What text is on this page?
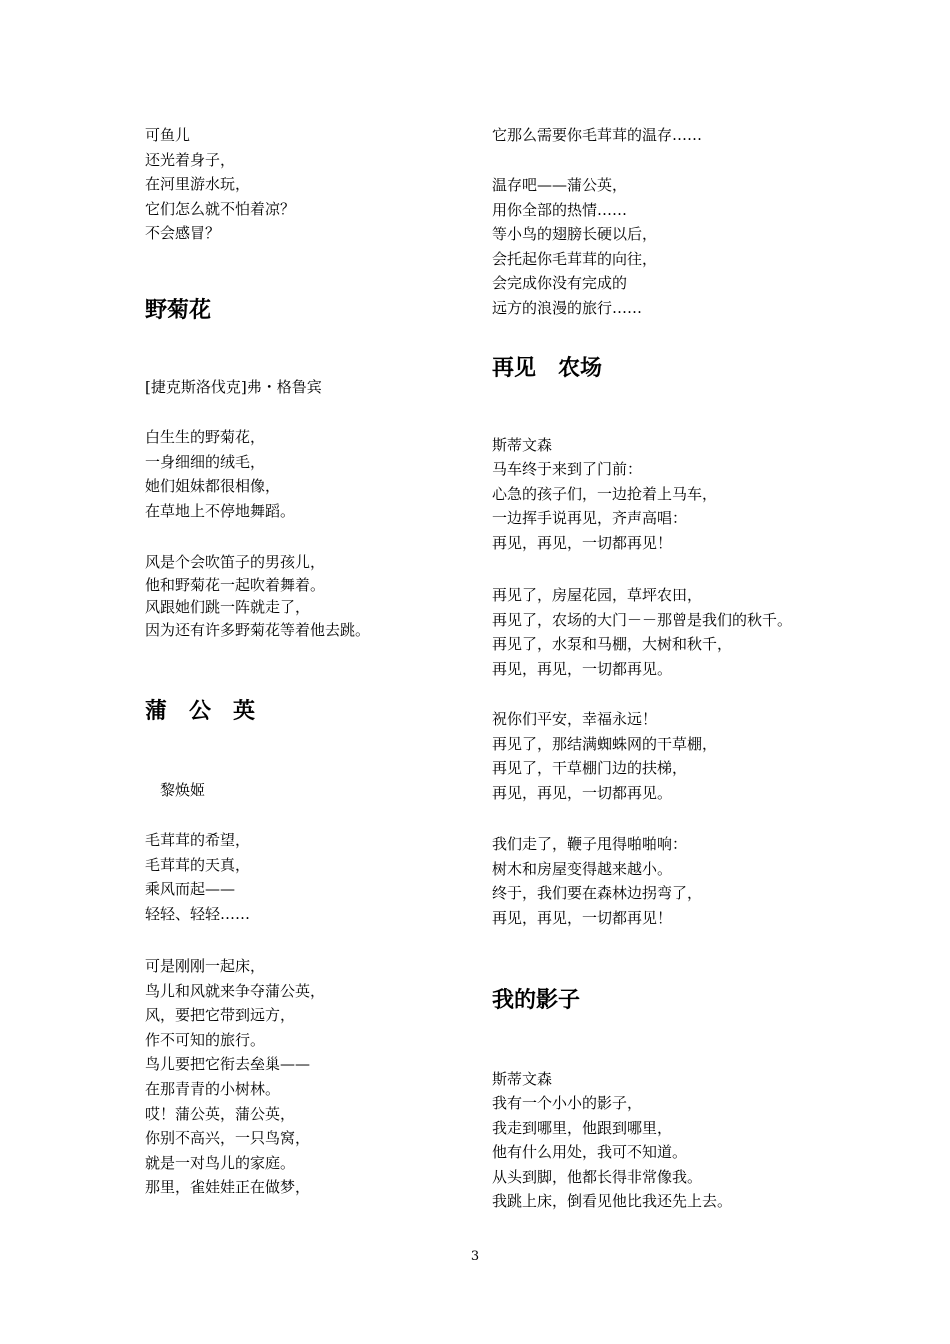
可鱼儿
还光着身子，
在河里游水玩，
它们怎么就不怕着凉？
不会感冒？
野菊花
[捷克斯洛伐克]弗・格鲁宾
白生生的野菊花，
一身细细的绒毛，
她们姐妹都很相像，
在草地上不停地舞蹈。
风是个会吹笛子的男孩儿，
他和野菊花一起吹着舞着。
风跟她们跳一阵就走了，
因为还有许多野菊花等着他去跳。
蒲　公　英
　黎焕姬
毛茸茸的希望，
毛茸茸的天真，
乘风而起——
轻轻、轻轻……
可是刚刚一起床，
鸟儿和风就来争夺蒲公英，
风，要把它带到远方，
作不可知的旅行。
鸟儿要把它衔去垒巢——
在那青青的小树林。
哎！蒲公英，蒲公英，
你别不高兴，一只鸟窝，
就是一对鸟儿的家庭。
那里，雀娃娃正在做梦，
它那么需要你毛茸茸的温存……
温存吧——蒲公英，
用你全部的热情……
等小鸟的翅膀长硬以后，
会托起你毛茸茸的向往，
会完成你没有完成的
远方的浪漫的旅行……
再见　农场
斯蒂文森
马车终于来到了门前：
心急的孩子们，一边抢着上马车，
一边挥手说再见，齐声高唱：
再见，再见，一切都再见！
再见了，房屋花园，草坪农田，
再见了，农场的大门－－那曾是我们的秋千。
再见了，水泵和马棚，大树和秋千，
再见，再见，一切都再见。
祝你们平安，幸福永远！
再见了，那结满蜘蛛网的干草棚，
再见了，干草棚门边的扶梯，
再见，再见，一切都再见。
我们走了，鞭子甩得啪啪响：
树木和房屋变得越来越小。
终于，我们要在森林边拐弯了，
再见，再见，一切都再见！
我的影子
斯蒂文森
我有一个小小的影子，
我走到哪里，他跟到哪里，
他有什么用处，我可不知道。
从头到脚，他都长得非常像我。
我跳上床，倒看见他比我还先上去。
3
